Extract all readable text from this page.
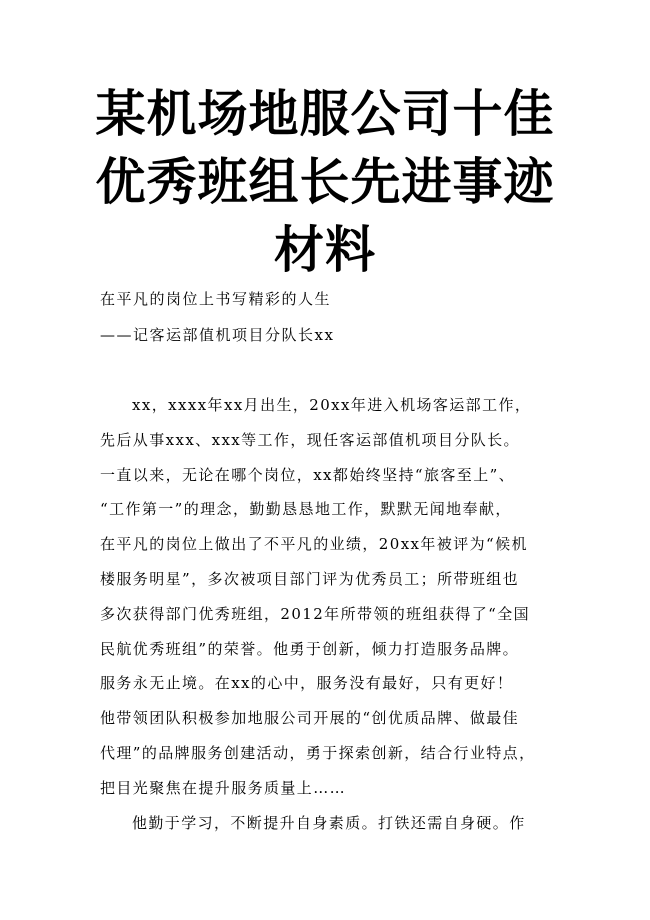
某机场地服公司十佳
优秀班组长先进事迹
材料

在平凡的岗位上书写精彩的人生

——记客运部值机项目分队长xx

xx，xxxx年xx月出生，20xx年进入机场客运部工作，
先后从事xxx、xxx等工作，现任客运部值机项目分队长。
一直以来，无论在哪个岗位，xx都始终坚持“旅客至上”、
“工作第一”的理念，勤勤恳恳地工作，默默无闻地奉献，
在平凡的岗位上做出了不平凡的业绩，20xx年被评为“候机
楼服务明星”，多次被项目部门评为优秀员工；所带班组也
多次获得部门优秀班组，2012年所带领的班组获得了“全国
民航优秀班组”的荣誉。他勇于创新，倾力打造服务品牌。
服务永无止境。在xx的心中，服务没有最好，只有更好！
他带领团队积极参加地服公司开展的“创优质品牌、做最佳
代理”的品牌服务创建活动，勇于探索创新，结合行业特点，
把目光聚焦在提升服务质量上……
他勤于学习，不断提升自身素质。打铁还需自身硬。作
